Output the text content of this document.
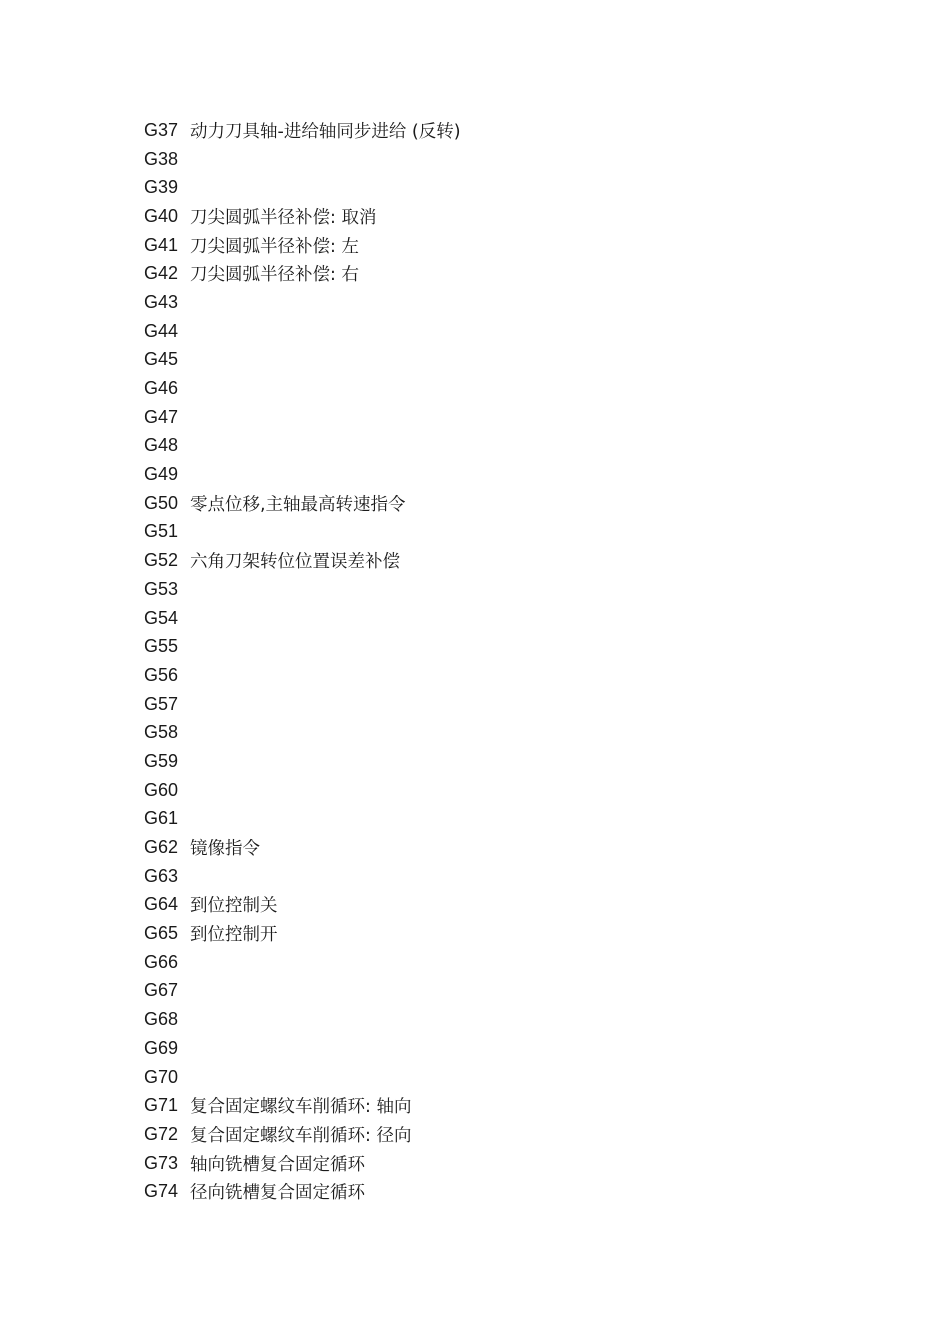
G37 动力刀具轴-进给轴同步进给 (反转)
G38
G39
G40 刀尖圆弧半径补偿: 取消
G41 刀尖圆弧半径补偿: 左
G42 刀尖圆弧半径补偿: 右
G43
G44
G45
G46
G47
G48
G49
G50 零点位移,主轴最高转速指令
G51
G52 六角刀架转位位置误差补偿
G53
G54
G55
G56
G57
G58
G59
G60
G61
G62 镜像指令
G63
G64 到位控制关
G65 到位控制开
G66
G67
G68
G69
G70
G71 复合固定螺纹车削循环: 轴向
G72 复合固定螺纹车削循环: 径向
G73 轴向铣槽复合固定循环
G74 径向铣槽复合固定循环
